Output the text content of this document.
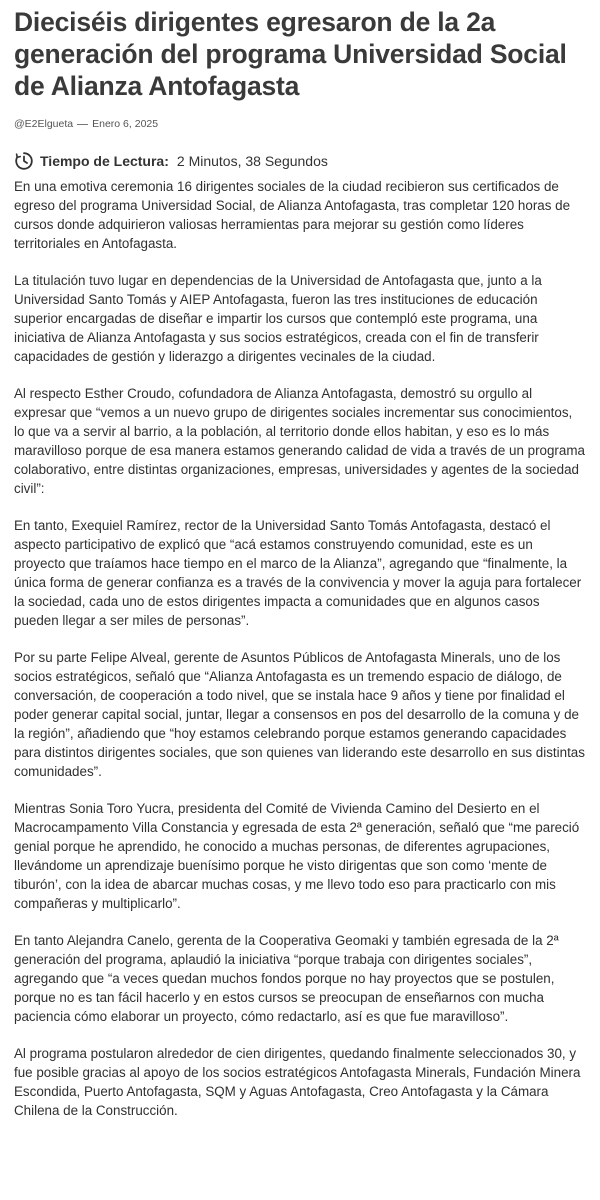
Dieciséis dirigentes egresaron de la 2a generación del programa Universidad Social de Alianza Antofagasta
@E2Elgueta Enero 6, 2025
Tiempo de Lectura: 2 Minutos, 38 Segundos

En una emotiva ceremonia 16 dirigentes sociales de la ciudad recibieron sus certificados de egreso del programa Universidad Social, de Alianza Antofagasta, tras completar 120 horas de cursos donde adquirieron valiosas herramientas para mejorar su gestión como líderes territoriales en Antofagasta.

La titulación tuvo lugar en dependencias de la Universidad de Antofagasta que, junto a la Universidad Santo Tomás y AIEP Antofagasta, fueron las tres instituciones de educación superior encargadas de diseñar e impartir los cursos que contempló este programa, una iniciativa de Alianza Antofagasta y sus socios estratégicos, creada con el fin de transferir capacidades de gestión y liderazgo a dirigentes vecinales de la ciudad.

Al respecto Esther Croudo, cofundadora de Alianza Antofagasta, demostró su orgullo al expresar que “vemos a un nuevo grupo de dirigentes sociales incrementar sus conocimientos, lo que va a servir al barrio, a la población, al territorio donde ellos habitan, y eso es lo más maravilloso porque de esa manera estamos generando calidad de vida a través de un programa colaborativo, entre distintas organizaciones, empresas, universidades y agentes de la sociedad civil”:

En tanto, Exequiel Ramírez, rector de la Universidad Santo Tomás Antofagasta, destacó el aspecto participativo de explicó que “acá estamos construyendo comunidad, este es un proyecto que traíamos hace tiempo en el marco de la Alianza”, agregando que “finalmente, la única forma de generar confianza es a través de la convivencia y mover la aguja para fortalecer la sociedad, cada uno de estos dirigentes impacta a comunidades que en algunos casos pueden llegar a ser miles de personas”.

Por su parte Felipe Alveal, gerente de Asuntos Públicos de Antofagasta Minerals, uno de los socios estratégicos, señaló que “Alianza Antofagasta es un tremendo espacio de diálogo, de conversación, de cooperación a todo nivel, que se instala hace 9 años y tiene por finalidad el poder generar capital social, juntar, llegar a consensos en pos del desarrollo de la comuna y de la región”, añadiendo que “hoy estamos celebrando porque estamos generando capacidades para distintos dirigentes sociales, que son quienes van liderando este desarrollo en sus distintas comunidades”.

Mientras Sonia Toro Yucra, presidenta del Comité de Vivienda Camino del Desierto en el Macrocampamento Villa Constancia y egresada de esta 2ª generación, señaló que “me pareció genial porque he aprendido, he conocido a muchas personas, de diferentes agrupaciones, llevándome un aprendizaje buenísimo porque he visto dirigentas que son como ‘mente de tiburón’, con la idea de abarcar muchas cosas, y me llevo todo eso para practicarlo con mis compañeras y multiplicarlo”.

En tanto Alejandra Canelo, gerenta de la Cooperativa Geomaki y también egresada de la 2ª generación del programa, aplaudió la iniciativa “porque trabaja con dirigentes sociales”, agregando que “a veces quedan muchos fondos porque no hay proyectos que se postulen, porque no es tan fácil hacerlo y en estos cursos se preocupan de enseñarnos con mucha paciencia cómo elaborar un proyecto, cómo redactarlo, así es que fue maravilloso”.

Al programa postularon alrededor de cien dirigentes, quedando finalmente seleccionados 30, y fue posible gracias al apoyo de los socios estratégicos Antofagasta Minerals, Fundación Minera Escondida, Puerto Antofagasta, SQM y Aguas Antofagasta, Creo Antofagasta y la Cámara Chilena de la Construcción.
